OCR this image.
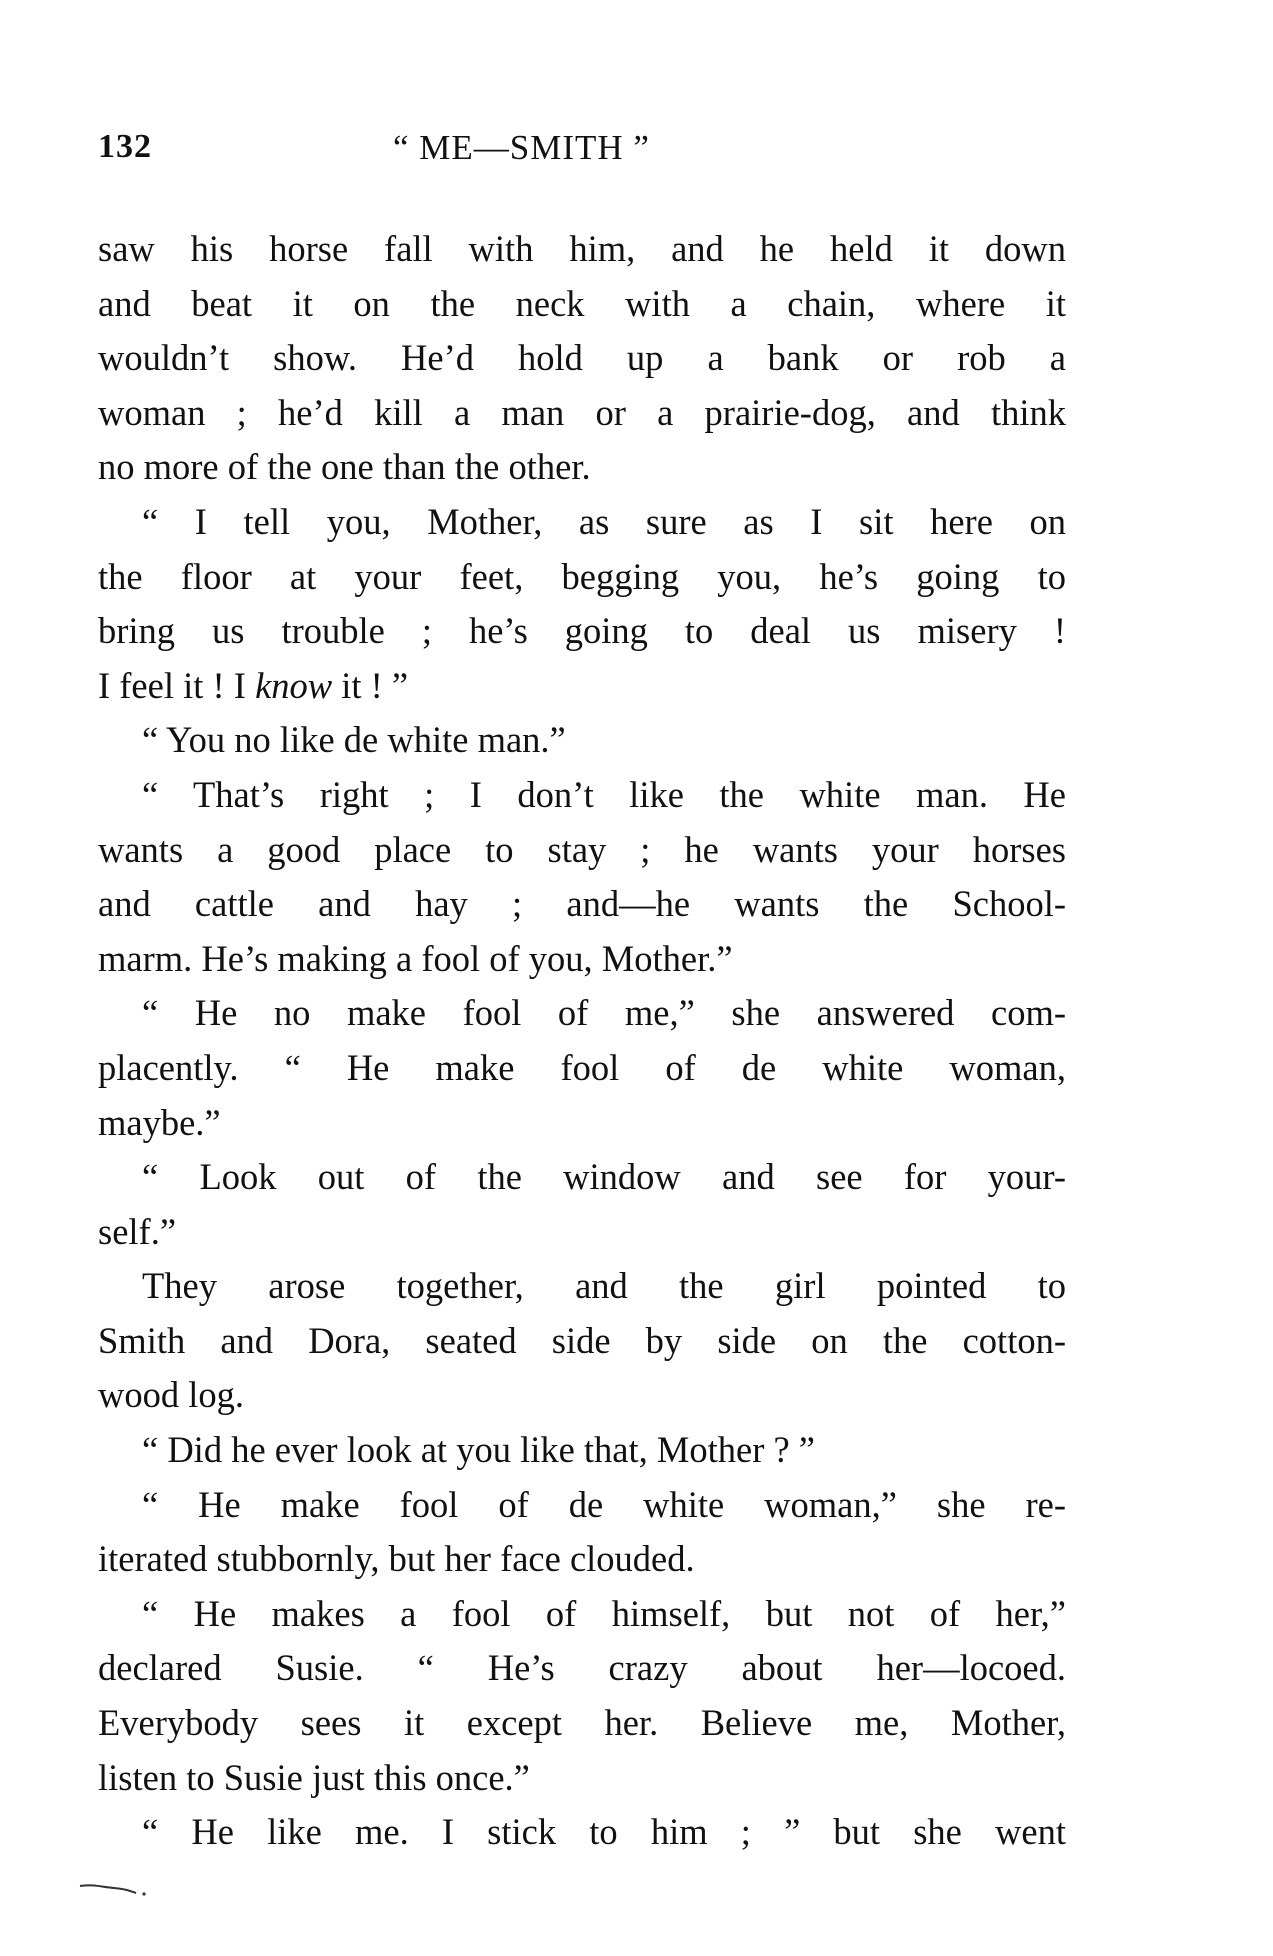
132	“ ME—SMITH ”
saw his horse fall with him, and he held it down
and beat it on the neck with a chain, where it
wouldn’t show. He’d hold up a bank or rob a
woman ; he’d kill a man or a prairie-dog, and think
no more of the one than the other.
“ I tell you, Mother, as sure as I sit here on
the floor at your feet, begging you, he’s going to
bring us trouble ; he’s going to deal us misery !
I feel it ! I know it ! ”
“ You no like de white man.”
“ That’s right ; I don’t like the white man. He
wants a good place to stay ; he wants your horses
and cattle and hay ; and—he wants the School-
marm. He’s making a fool of you, Mother.”
“ He no make fool of me,” she answered com-
placently. “ He make fool of de white woman,
maybe.”
“ Look out of the window and see for your-
self.”
They arose together, and the girl pointed to
Smith and Dora, seated side by side on the cotton-
wood log.
“ Did he ever look at you like that, Mother ? ”
“ He make fool of de white woman,” she re-
iterated stubbornly, but her face clouded.
“ He makes a fool of himself, but not of her,”
declared Susie. “ He’s crazy about her—locoed.
Everybody sees it except her. Believe me, Mother,
listen to Susie just this once.”
“ He like me. I stick to him ; ” but she went
